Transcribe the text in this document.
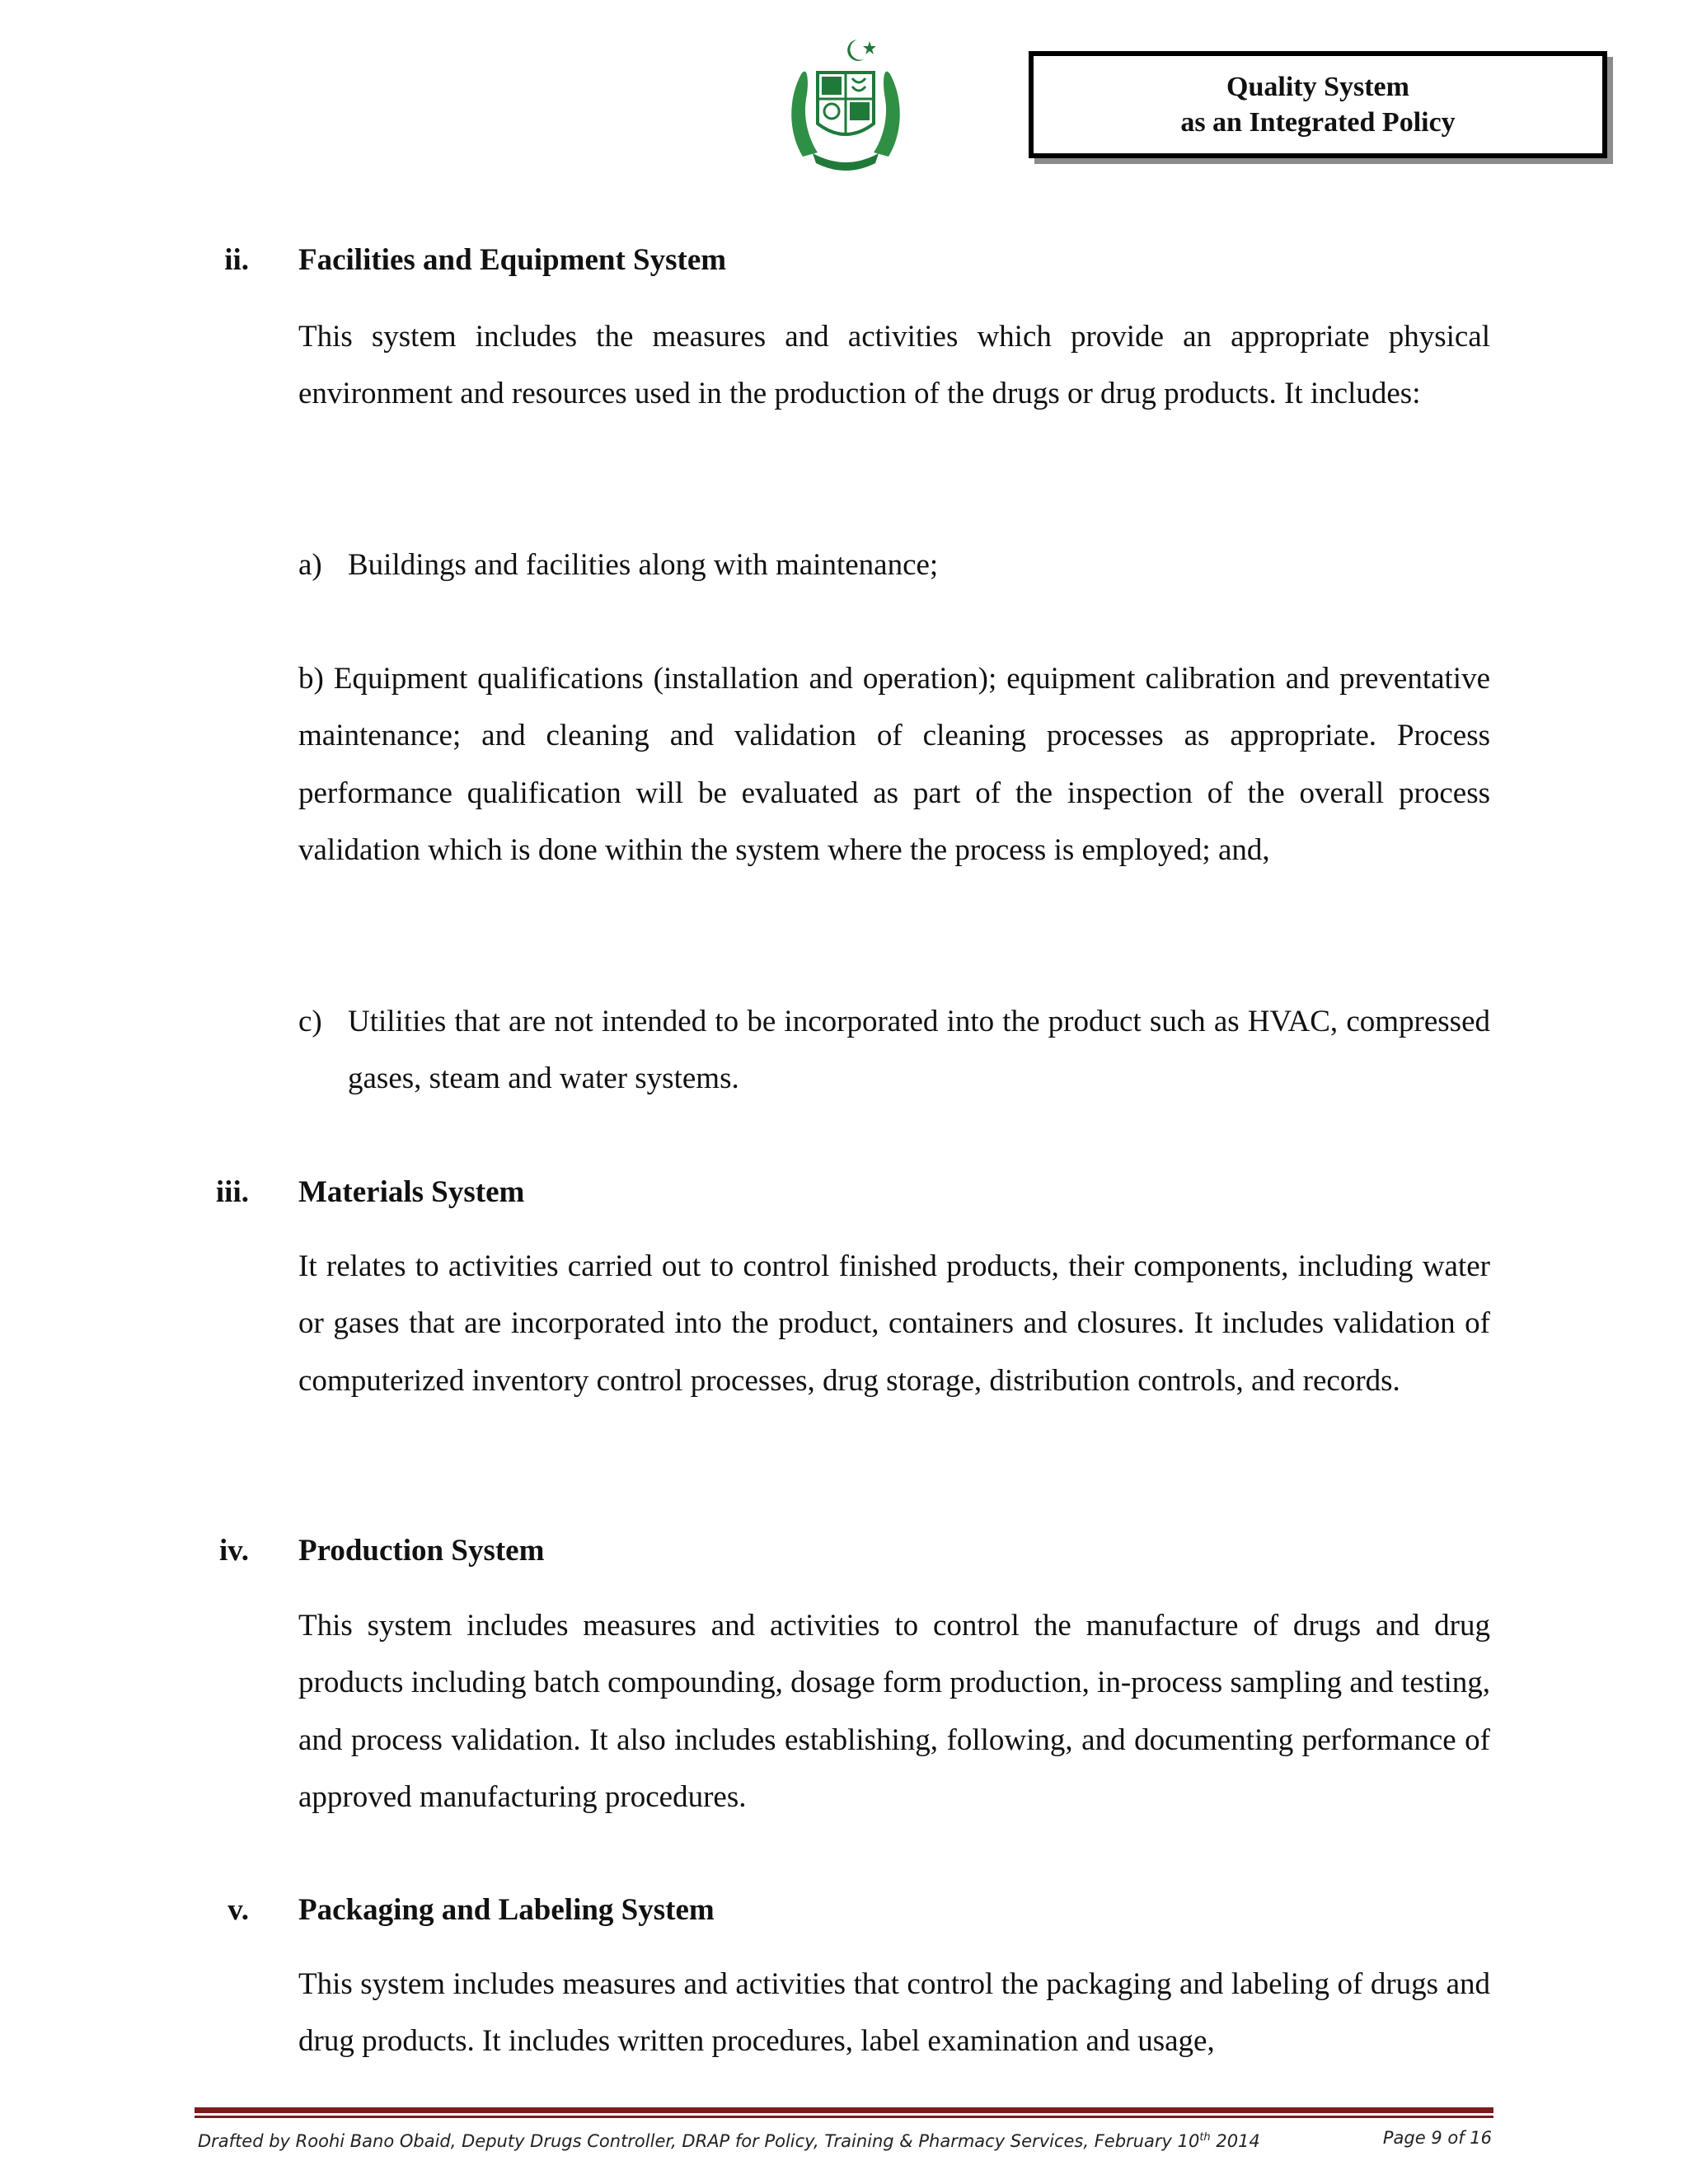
Quality System
as an Integrated Policy
ii. Facilities and Equipment System

This system includes the measures and activities which provide an appropriate physical environment and resources used in the production of the drugs or drug products. It includes:

a) Buildings and facilities along with maintenance;

b) Equipment qualifications (installation and operation); equipment calibration and preventative maintenance; and cleaning and validation of cleaning processes as appropriate. Process performance qualification will be evaluated as part of the inspection of the overall process validation which is done within the system where the process is employed; and,

c) Utilities that are not intended to be incorporated into the product such as HVAC, compressed gases, steam and water systems.
iii. Materials System

It relates to activities carried out to control finished products, their components, including water or gases that are incorporated into the product, containers and closures. It includes validation of computerized inventory control processes, drug storage, distribution controls, and records.

iv. Production System

This system includes measures and activities to control the manufacture of drugs and drug products including batch compounding, dosage form production, in-process sampling and testing, and process validation. It also includes establishing, following, and documenting performance of approved manufacturing procedures.

v. Packaging and Labeling System

This system includes measures and activities that control the packaging and labeling of drugs and drug products. It includes written procedures, label examination and usage,

Drafted by Roohi Bano Obaid, Deputy Drugs Controller, DRAP for Policy, Training & Pharmacy Services, February 10th 2014	Page 9 of 16
